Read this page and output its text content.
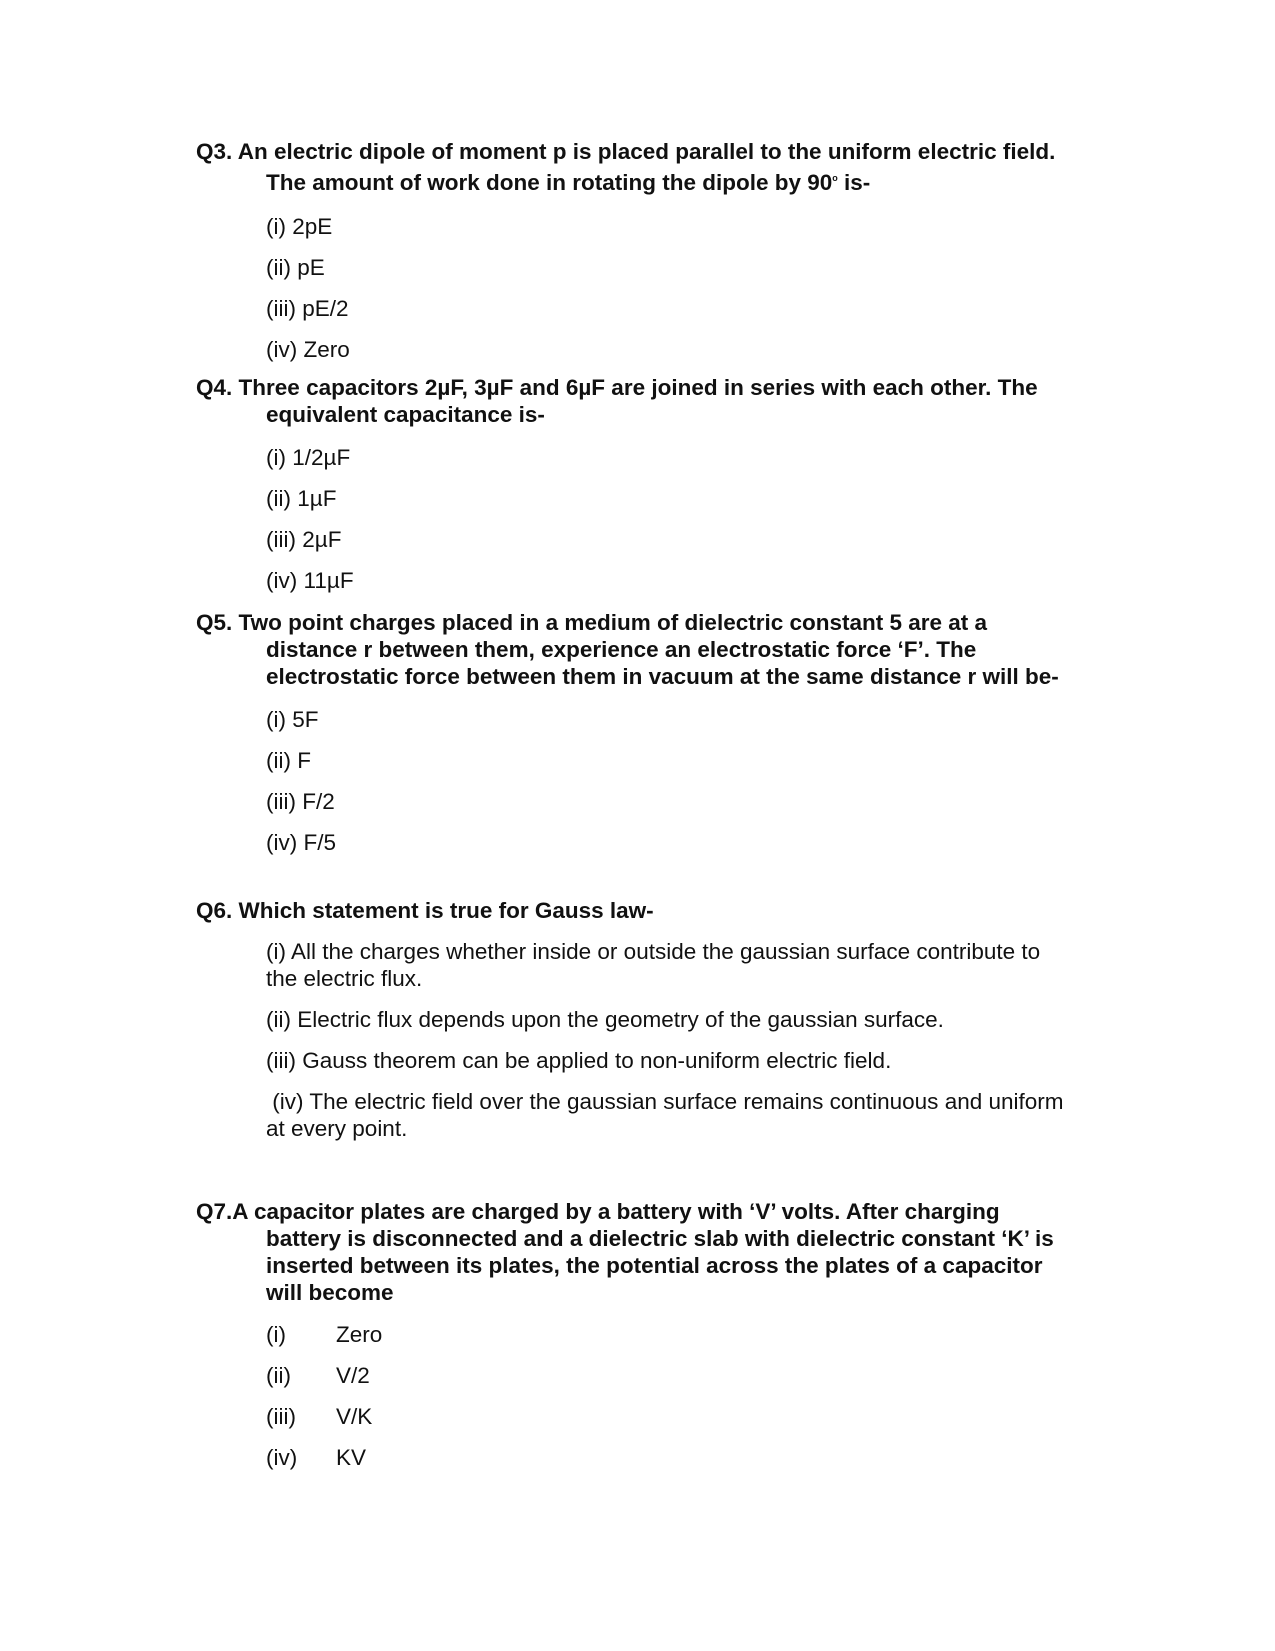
Q3. An electric dipole of moment p is placed parallel to the uniform electric field. The amount of work done in rotating the dipole by 90$^o$ is-

(i) 2pE
(ii) pE
(iii) pE/2
(iv) Zero

Q4. Three capacitors 2µF, 3µF and 6µF are joined in series with each other. The equivalent capacitance is-

(i) 1/2µF
(ii) 1µF
(iii) 2µF
(iv) 11µF

Q5. Two point charges placed in a medium of dielectric constant 5 are at a distance r between them, experience an electrostatic force ‘F’. The electrostatic force between them in vacuum at the same distance r will be-

(i) 5F
(ii) F
(iii) F/2
(iv) F/5

Q6. Which statement is true for Gauss law-

(i) All the charges whether inside or outside the gaussian surface contribute to the electric flux.
(ii) Electric flux depends upon the geometry of the gaussian surface.
(iii) Gauss theorem can be applied to non-uniform electric field.
(iv) The electric field over the gaussian surface remains continuous and uniform at every point.

Q7.A capacitor plates are charged by a battery with ‘V’ volts. After charging battery is disconnected and a dielectric slab with dielectric constant ‘K’ is inserted between its plates, the potential across the plates of a capacitor will become

(i) Zero
(ii) V/2
(iii) V/K
(iv) KV
